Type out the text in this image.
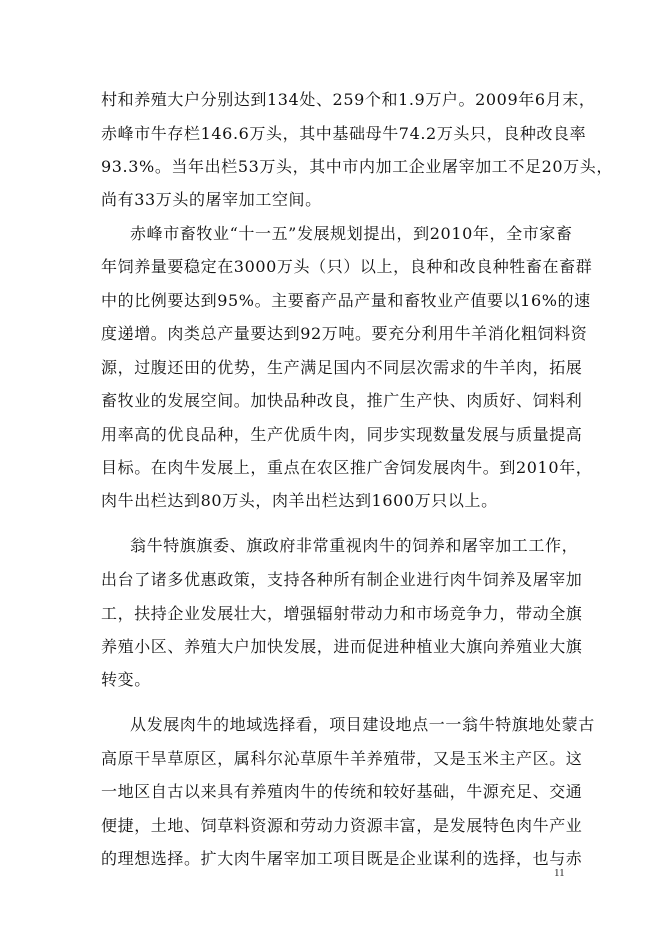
村和养殖大户分别达到134处、259个和1.9万户。2009年6月末，
赤峰市牛存栏146.6万头，其中基础母牛74.2万头只，良种改良率
93.3%。当年出栏53万头，其中市内加工企业屠宰加工不足20万头，
尚有33万头的屠宰加工空间。
赤峰市畜牧业“十一五”发展规划提出，到2010年，全市家畜
年饲养量要稳定在3000万头（只）以上，良种和改良种牲畜在畜群
中的比例要达到95%。主要畜产品产量和畜牧业产值要以16%的速
度递增。肉类总产量要达到92万吨。要充分利用牛羊消化粗饲料资
源，过腹还田的优势，生产满足国内不同层次需求的牛羊肉，拓展
畜牧业的发展空间。加快品种改良，推广生产快、肉质好、饲料利
用率高的优良品种，生产优质牛肉，同步实现数量发展与质量提高
目标。在肉牛发展上，重点在农区推广舍饲发展肉牛。到2010年，
肉牛出栏达到80万头，肉羊出栏达到1600万只以上。
翁牛特旗旗委、旗政府非常重视肉牛的饲养和屠宰加工工作，
出台了诸多优惠政策，支持各种所有制企业进行肉牛饲养及屠宰加
工，扶持企业发展壮大，增强辐射带动力和市场竞争力，带动全旗
养殖小区、养殖大户加快发展，进而促进种植业大旗向养殖业大旗
转变。
从发展肉牛的地域选择看，项目建设地点一一翁牛特旗地处蒙古
高原干旱草原区，属科尔沁草原牛羊养殖带，又是玉米主产区。这
一地区自古以来具有养殖肉牛的传统和较好基础，牛源充足、交通
便捷，土地、饲草料资源和劳动力资源丰富，是发展特色肉牛产业
的理想选择。扩大肉牛屠宰加工项目既是企业谋利的选择，也与赤
11
